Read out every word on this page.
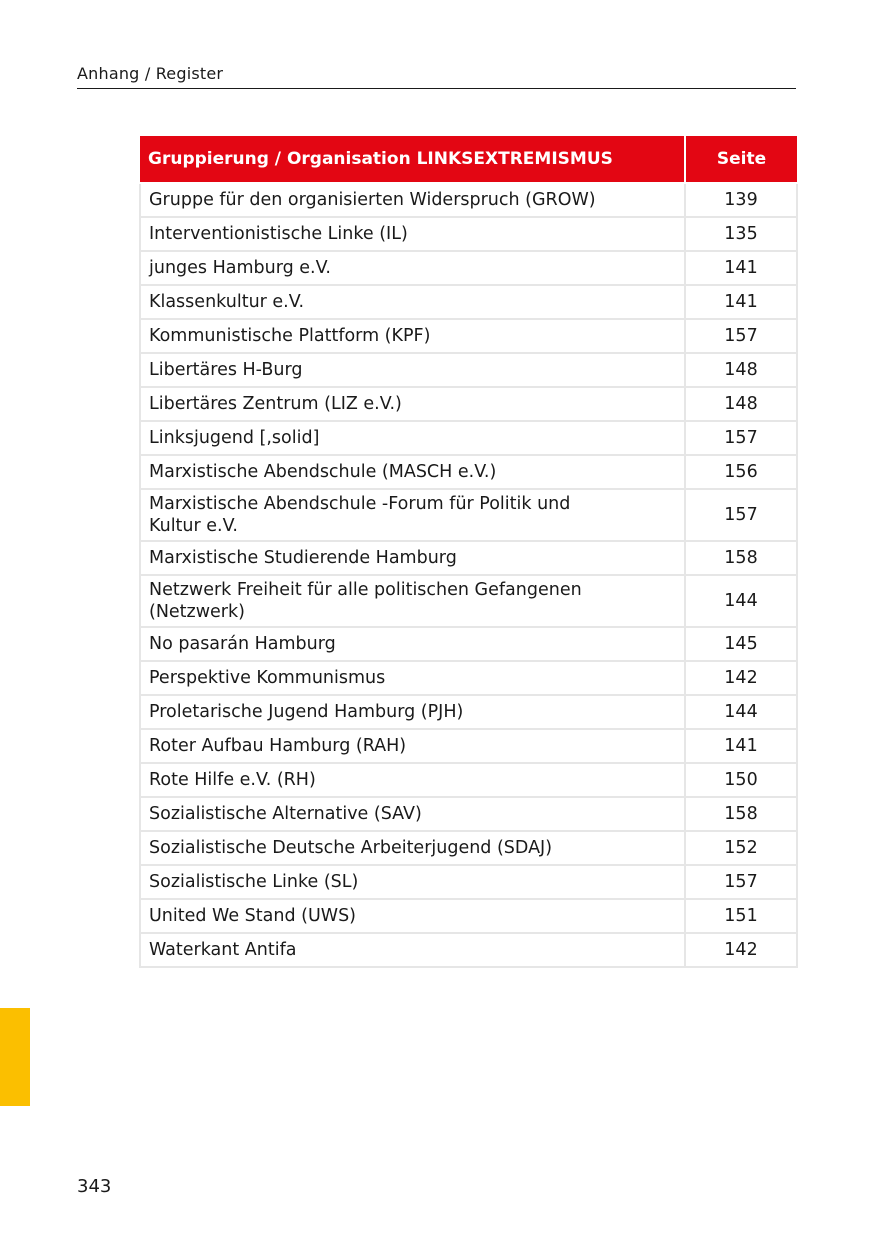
Anhang / Register
Gruppierung / Organisation LINKSEXTREMISMUS	Seite
Gruppe für den organisierten Widerspruch (GROW)	139
Interventionistische Linke (IL)	135
junges Hamburg e.V.	141
Klassenkultur e.V.	141
Kommunistische Plattform (KPF)	157
Libertäres H-Burg	148
Libertäres Zentrum (LIZ e.V.)	148
Linksjugend [,solid]	157
Marxistische Abendschule (MASCH e.V.)	156
Marxistische Abendschule -Forum für Politik und
Kultur e.V.	157
Marxistische Studierende Hamburg	158
Netzwerk Freiheit für alle politischen Gefangenen
(Netzwerk)	144
No pasarán Hamburg	145
Perspektive Kommunismus	142
Proletarische Jugend Hamburg (PJH)	144
Roter Aufbau Hamburg (RAH)	141
Rote Hilfe e.V. (RH)	150
Sozialistische Alternative (SAV)	158
Sozialistische Deutsche Arbeiterjugend (SDAJ)	152
Sozialistische Linke (SL)	157
United We Stand (UWS)	151
Waterkant Antifa	142
343
